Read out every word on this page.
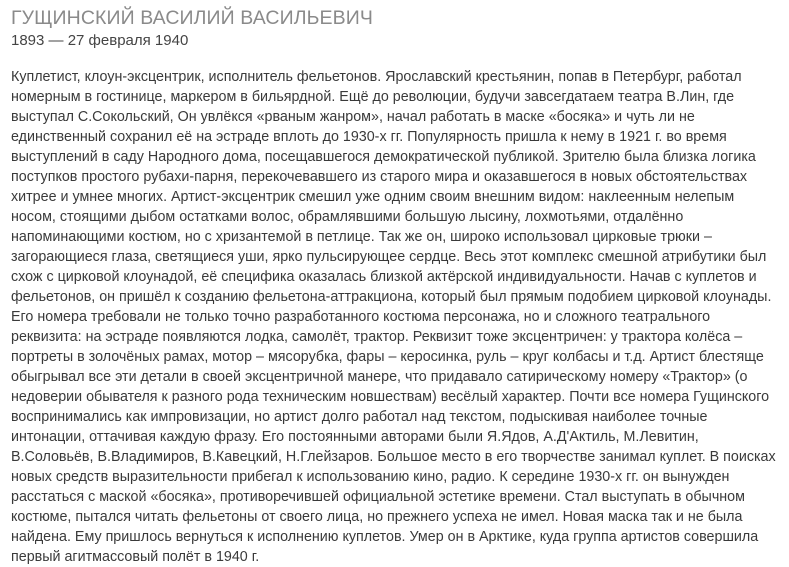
ГУЩИНСКИЙ ВАСИЛИЙ ВАСИЛЬЕВИЧ
1893 — 27 февраля 1940
Куплетист, клоун-эксцентрик, исполнитель фельетонов. Ярославский крестьянин, попав в Петербург, работал
номерным в гостинице, маркером в бильярдной. Ещё до революции, будучи завсегдатаем театра В.Лин, где
выступал С.Сокольский, Он увлёкся «рваным жанром», начал работать в маске «босяка» и чуть ли не
единственный сохранил её на эстраде вплоть до 1930-х гг. Популярность пришла к нему в 1921 г. во время
выступлений в саду Народного дома, посещавшегося демократической публикой. Зрителю была близка логика
поступков простого рубахи-парня, перекочевавшего из старого мира и оказавшегося в новых обстоятельствах
хитрее и умнее многих. Артист-эксцентрик смешил уже одним своим внешним видом: наклеенным нелепым
носом, стоящими дыбом остатками волос, обрамлявшими большую лысину, лохмотьями, отдалённо
напоминающими костюм, но с хризантемой в петлице. Так же он, широко использовал цирковые трюки –
загорающиеся глаза, светящиеся уши, ярко пульсирующее сердце. Весь этот комплекс смешной атрибутики был
схож с цирковой клоунадой, её специфика оказалась близкой актёрской индивидуальности. Начав с куплетов и
фельетонов, он пришёл к созданию фельетона-аттракциона, который был прямым подобием цирковой клоунады.
Его номера требовали не только точно разработанного костюма персонажа, но и сложного театрального
реквизита: на эстраде появляются лодка, самолёт, трактор. Реквизит тоже эксцентричен: у трактора колёса –
портреты в золочёных рамах, мотор – мясорубка, фары – керосинка, руль – круг колбасы и т.д. Артист блестяще
обыгрывал все эти детали в своей эксцентричной манере, что придавало сатирическому номеру «Трактор» (о
недоверии обывателя к разного рода техническим новшествам) весёлый характер. Почти все номера Гущинского
воспринимались как импровизации, но артист долго работал над текстом, подыскивая наиболее точные
интонации, оттачивая каждую фразу. Его постоянными авторами были Я.Ядов, А.Д'Актиль, М.Левитин,
В.Соловьёв, В.Владимиров, В.Кавецкий, Н.Глейзаров. Большое место в его творчестве занимал куплет. В поисках
новых средств выразительности прибегал к использованию кино, радио. К середине 1930-х гг. он вынужден
расстаться с маской «босяка», противоречившей официальной эстетике времени. Стал выступать в обычном
костюме, пытался читать фельетоны от своего лица, но прежнего успеха не имел. Новая маска так и не была
найдена. Ему пришлось вернуться к исполнению куплетов. Умер он в Арктике, куда группа артистов совершила
первый агитмассовый полёт в 1940 г.
